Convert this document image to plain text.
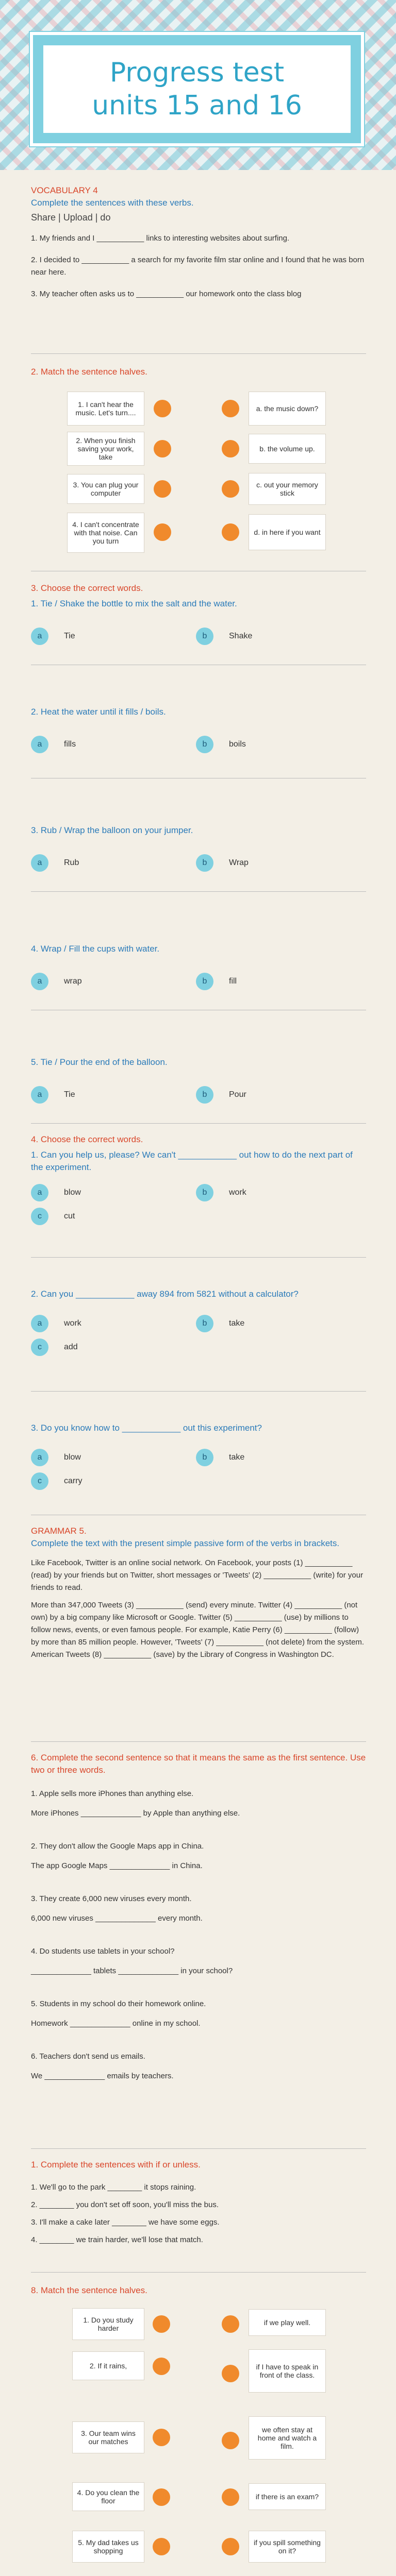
Progress test units 15 and 16
VOCABULARY 4
Complete the sentences with these verbs.
Share | Upload | do
1. My friends and I ___________ links to interesting websites about surfing.
2. I decided to ___________ a search for my favorite film star online and I found that he was born near here.
3. My teacher often asks us to ___________ our homework onto the class blog
2. Match the sentence halves.
1. I can't hear the music. Let's turn....
2. When you finish saving your work, take
3. You can plug your computer
4. I can't concentrate with that noise. Can you turn
a. the music down?
b. the volume up.
c. out your memory stick
d. in here if you want
3. Choose the correct words.
1. Tie / Shake the bottle to mix the salt and the water.
a	Tie	b	Shake
2. Heat the water until it fills / boils.
a	fills	b	boils
3. Rub / Wrap the balloon on your jumper.
a	Rub	b	Wrap
4. Wrap / Fill the cups with water.
a	wrap	b	fill
5. Tie / Pour the end of the balloon.
a	Tie	b	Pour
4. Choose the correct words.
1. Can you help us, please? We can't ____________ out how to do the next part of the experiment.
a	blow	b	work
c	cut
2. Can you ____________ away 894 from 5821 without a calculator?
a	work	b	take
c	add
3. Do you know how to ____________ out this experiment?
a	blow	b	take
c	carry
GRAMMAR 5.
Complete the text with the present simple passive form of the verbs in brackets.
Like Facebook, Twitter is an online social network. On Facebook, your posts (1) ___________ (read) by your friends but on Twitter, short messages or 'Tweets' (2) ___________ (write) for your friends to read.
More than 347,000 Tweets (3) ___________ (send) every minute. Twitter (4) ___________ (not own) by a big company like Microsoft or Google. Twitter (5) ___________ (use) by millions to follow news, events, or even famous people. For example, Katie Perry (6) ___________ (follow) by more than 85 million people. However, 'Tweets' (7) ___________ (not delete) from the system. American Tweets (8) ___________ (save) by the Library of Congress in Washington DC.
6. Complete the second sentence so that it means the same as the first sentence. Use two or three words.
1. Apple sells more iPhones than anything else.
More iPhones ______________ by Apple than anything else.
2. They don't allow the Google Maps app in China.
The app Google Maps ______________ in China.
3. They create 6,000 new viruses every month.
6,000 new viruses ______________ every month.
4. Do students use tablets in your school?
______________ tablets ______________ in your school?
5. Students in my school do their homework online.
Homework ______________ online in my school.
6. Teachers don't send us emails.
We ______________ emails by teachers.
1. Complete the sentences with if or unless.
1. We'll go to the park ________ it stops raining.
2. ________ you don't set off soon, you'll miss the bus.
3. I'll make a cake later ________ we have some eggs.
4. ________ we train harder, we'll lose that match.
8. Match the sentence halves.
1. Do you study harder
2. If it rains,
3. Our team wins our matches
4. Do you clean the floor
5. My dad takes us shopping
if we play well.
if I have to speak in front of the class.
we often stay at home and watch a film.
if there is an exam?
if you spill something on it?
